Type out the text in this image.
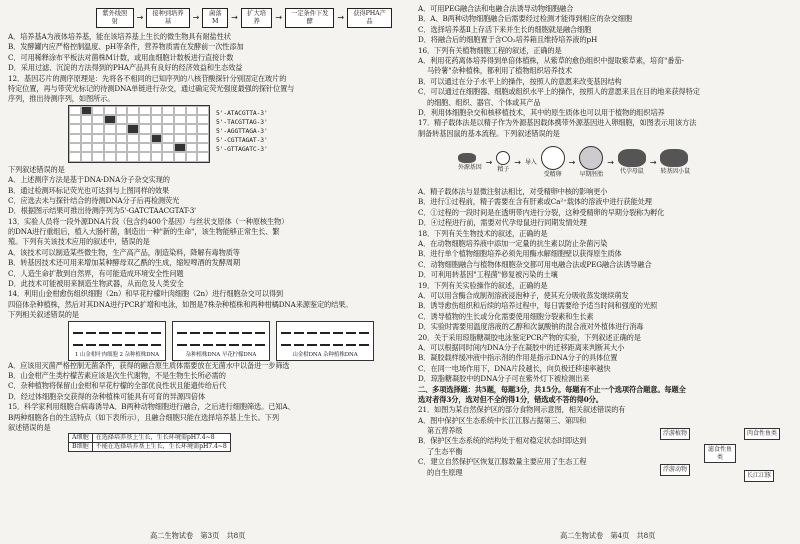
紫外线照射	→	接种到培养基	→	菌落M	→	扩大培养	→	一定条件下发酵	→	获得PHA产品
A．培养基A为液体培养基，能在该培养基上生长的微生物具有耐盐性状
B．发酵罐内应严格控制温度、pH等条件，营养物质需在发酵前一次性添加
C．可用稀释涂布平板法对菌株M计数，或用血细胞计数板进行直接计数
D．采用过滤、沉淀的方法得到的PHA产品具有良好的经济效益和生态效益
12．基因芯片的测序原理是：先将各不相同的已知序列的八核苷酸探针分别固定在玻片的
特定位置，再与带荧光标记的待测DNA单链进行杂交，通过确定荧光强度最强的探针位置与
序列，推出待测序列，如图所示。
5'-ATACGTTA-3'
5'-TACGTTAG-3'
5'-AGGTTAGA-3'
5'-CGTTAGAT-3'
5'-GTTAGATC-3'
下列叙述错误的是
A．上述测序方法是基于DNA-DNA分子杂交实现的
B．通过检测环标记荧光也可达到与上图同样的效果
C．应选去未与探针结合的待测DNA分子后再检测荧光
D．根据图示结果可推出待测序列为5'-GATCTAACGTAT-3'
13．实验人员将一段外源DNA片段（包含约400个基因）与丝状支原体（一种原核生物）
的DNA进行重组后，植入大肠杆菌，制造出一种"新的生命"，该生物能够正常生长、繁
殖。下列有关该技术应用的叙述中，错误的是
A．该技术可以制造某些微生物，生产高产品，制造染料，降解有毒物质等
B．转基因技术还可用来增加某种酵母双乙酰的生成，缩短啤酒的发酵周期
C．人造生命扩散到自然界，有可能造成环境安全性问题
D．此技术可能被用来制造生物武器，从而危及人类安全
14．利用山金柑愈伤组织细胞（2n）和早花柠檬叶肉细胞（2n）进行细胞杂交可以得到
四倍体杂种植株，然后对其DNA进行PCR扩增和电泳，如图是7株杂种植株和两种柑橘DNA来源鉴定的结果。
下列相关叙述错误的是
1 山金柑叶肉细胞 2 杂种植株DNA	杂种植株DNA 早花柠檬DNA	山金柑DNA 杂种植株DNA
A．应该用灭菌严格控制无菌条件，获得的融合原生质体需要放在无菌水中以备进一步筛选
B．山金柑产生类柠檬苦素应该是次生代谢物，不是生物生长所必需的
C．杂种植物将保留山金柑和早花柠檬的全部优良性状且能遗传给后代
D．经过体细胞杂交获得的杂种植株可能具有可育的异源四倍体
15．科学家利用细胞合病毒诱导A、B两种动物细胞进行融合，之后进行细胞筛选。已知A、
B两种细胞各自的生活特点（如下表所示），且融合细胞只能在选择培养基上生长。下列
叙述错误的是
A细胞	在选择培养基上生长，生长环境需pH7.4~8
B细胞	不能在选择培养基上生长，生长环境需pH7.4~8
高二生物试卷　第3页　共8页
A．可用PEG融合法和电融合法诱导动物细胞融合
B．A、B两种动物细胞融合后需要经过检测才能得到相应的杂交细胞
C．选择培养基Ⅱ上存活下来并生长的细胞就是融合细胞
D．将融合后的细胞置于含CO₂培养箱且维持培养液的pH
16．下列有关植物细胞工程的叙述，正确的是
A．利用花药离体培养得到单倍体植株，从紫草的愈伤组织中提取紫草素，培育"番茄-
马铃薯"杂种植株，都利用了植物组织培养技术
B．可以通过在分子水平上的操作，按照人的意愿来改变基因结构
C．可以通过在细胞器、细胞或组织水平上的操作，按照人的意愿来且在目的地来获得特定
的细胞、组织、器官、个体或其产品
D．利用体细胞杂交和核移植技术，其中的原生质体也可以用于植物的组织培养
17．精子载体法是以精子作为外源基因载体携带外源基因进入卵细胞，如图表示用该方法
制备转基因鼠的基本流程。下列叙述错误的是
外源基因
→
精子
→ 导入
受精卵
→
早期胚胎
→
代孕母鼠
→
转基因小鼠
A．精子载体法与显微注射法相比，对受精卵中核的影响更小
B．进行①过程前，精子需要在含有肝素或Ca²⁺载体的溶液中进行获能处理
C．①过程的一段时间是在透明带内进行分裂，这种受精卵的早期分裂称为孵化
D．④过程进行前，需要对代孕母鼠进行同期发情处理
18．下列有关生物技术的叙述，正确的是
A．在动物细胞培养液中添加一定量的抗生素以防止杂菌污染
B．进行单个植物细胞培养必须先用酶水解细胞壁以获得原生质体
C．动物细胞融合与植物体细胞杂交都可用电融合法或PEG融合法诱导融合
D．可利用转基因"工程菌"修复被污染的土壤
19．下列有关实验操作的叙述，正确的是
A．可以用含酶合成制剂溶液浸泡种子，使其充分吸收蒸发继续萌发
B．诱导愈伤组织和后续的培养过程中，每日需要给予适当时间和强度的光照
C．诱导植物的生长或分化需要使用细胞分裂素和生长素
D．实验时需要用温度溶液的乙醇和次氯酸钠的混合液对外植体进行消毒
20．关于采用琼脂糖凝胶电泳鉴定PCR产物的实验，下列叙述正确的是
A．可以根据同时间内DNA分子在凝胶中的迁移距离来判断其大小
B．凝胶载样缓冲液中指示剂的作用是指示DNA分子的具体位置
C．在同一电场作用下，DNA片段越长，向负极迁移速率越快
D．琼脂糖凝胶中的DNA分子可在紫外灯下被检测出来
二、多项选择题：共5题，每题3分，共15分。每题有不止一个选项符合题意。每题全
选对者得3分，选对但不全的得1分，错选或不答的得0分。
21．如图为某自然保护区的部分食物网示意图，相关叙述错误的有
A．图中保护区生态系统中长江江豚占据第三、第四和
第五营养级
B．保护区生态系统的结构处于相对稳定状态时即达到
了生态平衡
C．建立自然保护区恢复江豚数量主要应用了生态工程
的自生原理
浮游植物
浮游动物
滤食性鱼类
肉食性鱼类
长江江豚
高二生物试卷　第4页　共8页
